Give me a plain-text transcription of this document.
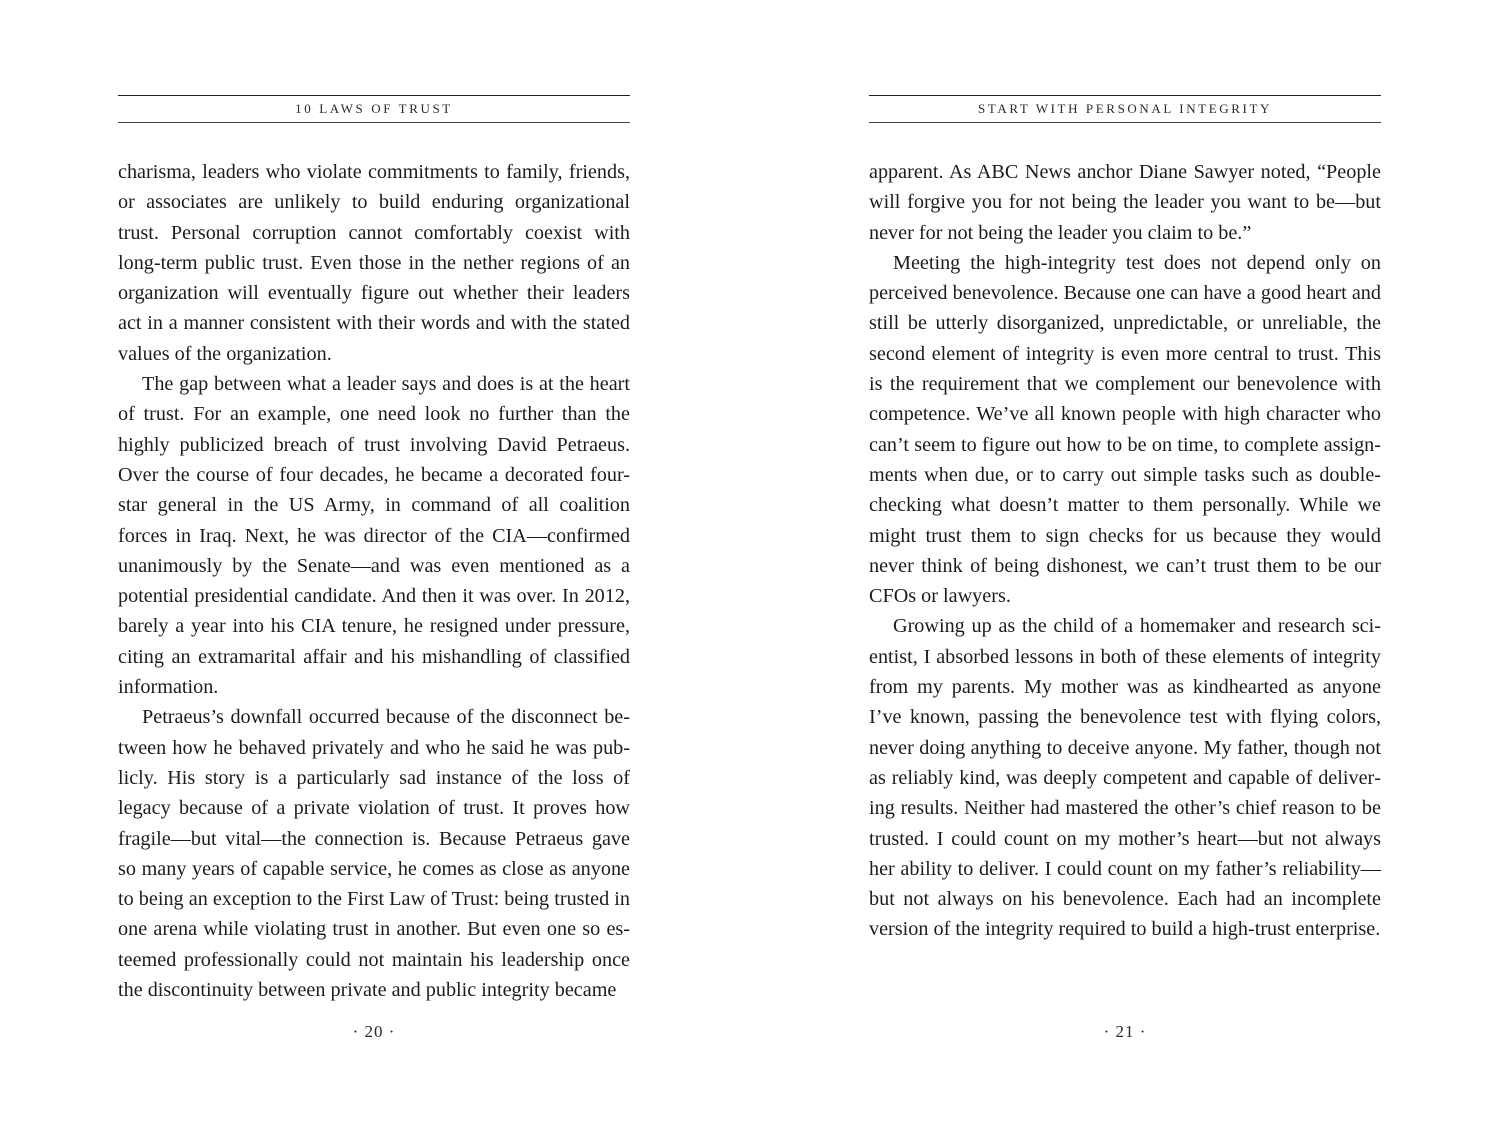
10 LAWS OF TRUST

charisma, leaders who violate commitments to family, friends, or associates are unlikely to build enduring organizational trust. Personal corruption cannot comfortably coexist with long-term public trust. Even those in the nether regions of an organization will eventually figure out whether their leaders act in a manner consistent with their words and with the stated values of the organization.

The gap between what a leader says and does is at the heart of trust. For an example, one need look no further than the highly publicized breach of trust involving David Petraeus. Over the course of four decades, he became a decorated four-star general in the US Army, in command of all coalition forces in Iraq. Next, he was director of the CIA—confirmed unanimously by the Senate—and was even mentioned as a potential presidential candidate. And then it was over. In 2012, barely a year into his CIA tenure, he resigned under pressure, citing an extramarital affair and his mishandling of classified information.

Petraeus’s downfall occurred because of the disconnect between how he behaved privately and who he said he was publicly. His story is a particularly sad instance of the loss of legacy because of a private violation of trust. It proves how fragile—but vital—the connection is. Because Petraeus gave so many years of capable service, he comes as close as anyone to being an exception to the First Law of Trust: being trusted in one arena while violating trust in another. But even one so esteemed professionally could not maintain his leadership once the discontinuity between private and public integrity became

· 20 ·
START WITH PERSONAL INTEGRITY

apparent. As ABC News anchor Diane Sawyer noted, “People will forgive you for not being the leader you want to be—but never for not being the leader you claim to be.”

Meeting the high-integrity test does not depend only on perceived benevolence. Because one can have a good heart and still be utterly disorganized, unpredictable, or unreliable, the second element of integrity is even more central to trust. This is the requirement that we complement our benevolence with competence. We’ve all known people with high character who can’t seem to figure out how to be on time, to complete assignments when due, or to carry out simple tasks such as double-checking what doesn’t matter to them personally. While we might trust them to sign checks for us because they would never think of being dishonest, we can’t trust them to be our CFOs or lawyers.

Growing up as the child of a homemaker and research scientist, I absorbed lessons in both of these elements of integrity from my parents. My mother was as kindhearted as anyone I’ve known, passing the benevolence test with flying colors, never doing anything to deceive anyone. My father, though not as reliably kind, was deeply competent and capable of delivering results. Neither had mastered the other’s chief reason to be trusted. I could count on my mother’s heart—but not always her ability to deliver. I could count on my father’s reliability—but not always on his benevolence. Each had an incomplete version of the integrity required to build a high-trust enterprise.

· 21 ·
